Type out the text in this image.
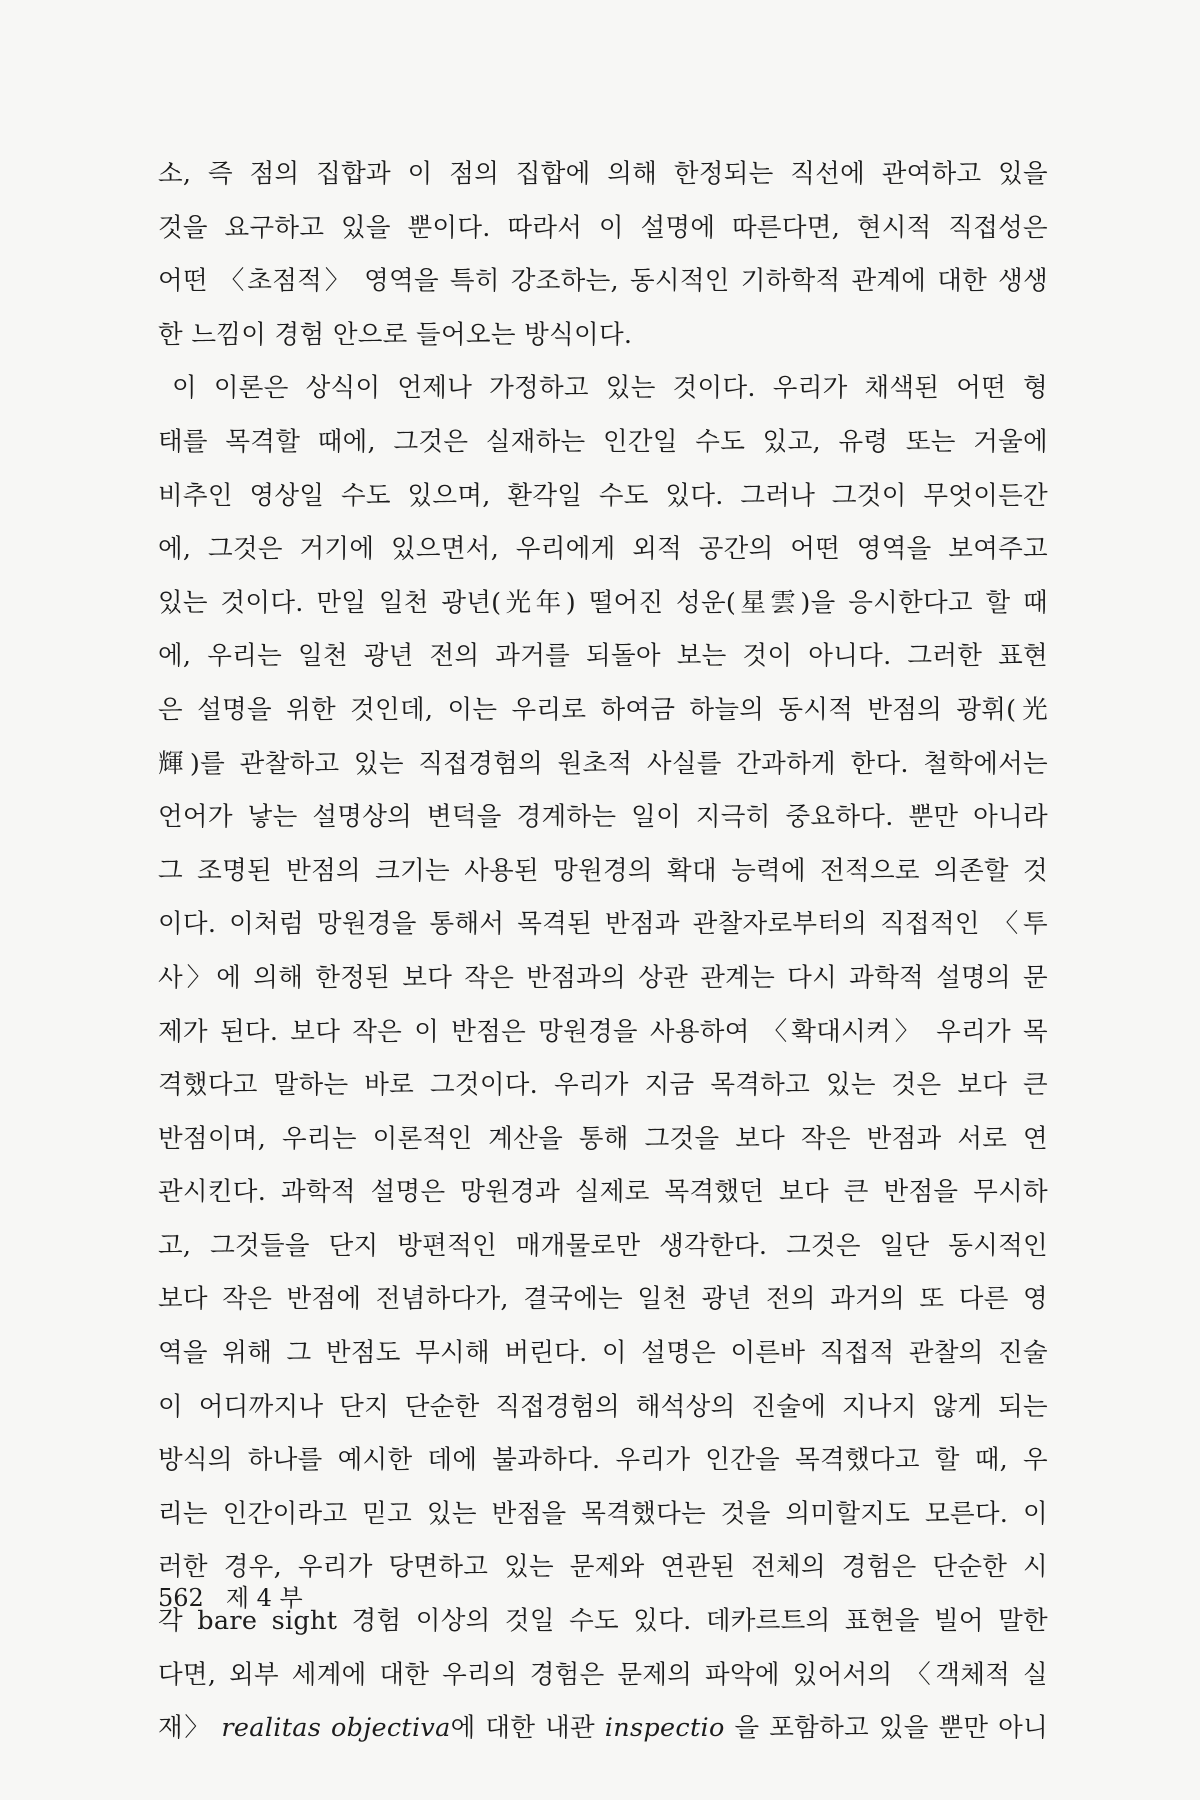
소, 즉 점의 집합과 이 점의 집합에 의해 한정되는 직선에 관여하고 있을
것을 요구하고 있을 뿐이다. 따라서 이 설명에 따른다면, 현시적 직접성은
어떤 〈초점적〉 영역을 특히 강조하는, 동시적인 기하학적 관계에 대한 생생
한 느낌이 경험 안으로 들어오는 방식이다.
이 이론은 상식이 언제나 가정하고 있는 것이다. 우리가 채색된 어떤 형
태를 목격할 때에, 그것은 실재하는 인간일 수도 있고, 유령 또는 거울에
비추인 영상일 수도 있으며, 환각일 수도 있다. 그러나 그것이 무엇이든간
에, 그것은 거기에 있으면서, 우리에게 외적 공간의 어떤 영역을 보여주고
있는 것이다. 만일 일천 광년(光年) 떨어진 성운(星雲)을 응시한다고 할 때
에, 우리는 일천 광년 전의 과거를 되돌아 보는 것이 아니다. 그러한 표현
은 설명을 위한 것인데, 이는 우리로 하여금 하늘의 동시적 반점의 광휘(光
輝)를 관찰하고 있는 직접경험의 원초적 사실를 간과하게 한다. 철학에서는
언어가 낳는 설명상의 변덕을 경계하는 일이 지극히 중요하다. 뿐만 아니라
그 조명된 반점의 크기는 사용된 망원경의 확대 능력에 전적으로 의존할 것
이다. 이처럼 망원경을 통해서 목격된 반점과 관찰자로부터의 직접적인 〈투
사〉에 의해 한정된 보다 작은 반점과의 상관 관계는 다시 과학적 설명의 문
제가 된다. 보다 작은 이 반점은 망원경을 사용하여 〈확대시켜〉 우리가 목
격했다고 말하는 바로 그것이다. 우리가 지금 목격하고 있는 것은 보다 큰
반점이며, 우리는 이론적인 계산을 통해 그것을 보다 작은 반점과 서로 연
관시킨다. 과학적 설명은 망원경과 실제로 목격했던 보다 큰 반점을 무시하
고, 그것들을 단지 방편적인 매개물로만 생각한다. 그것은 일단 동시적인
보다 작은 반점에 전념하다가, 결국에는 일천 광년 전의 과거의 또 다른 영
역을 위해 그 반점도 무시해 버린다. 이 설명은 이른바 직접적 관찰의 진술
이 어디까지나 단지 단순한 직접경험의 해석상의 진술에 지나지 않게 되는
방식의 하나를 예시한 데에 불과하다. 우리가 인간을 목격했다고 할 때, 우
리는 인간이라고 믿고 있는 반점을 목격했다는 것을 의미할지도 모른다. 이
러한 경우, 우리가 당면하고 있는 문제와 연관된 전체의 경험은 단순한 시
각 bare sight 경험 이상의 것일 수도 있다. 데카르트의 표현을 빌어 말한
다면, 외부 세계에 대한 우리의 경험은 문제의 파악에 있어서의 〈객체적 실
재〉 realitas objectiva에 대한 내관 inspectio 을 포함하고 있을 뿐만 아니
562 제 4 부
